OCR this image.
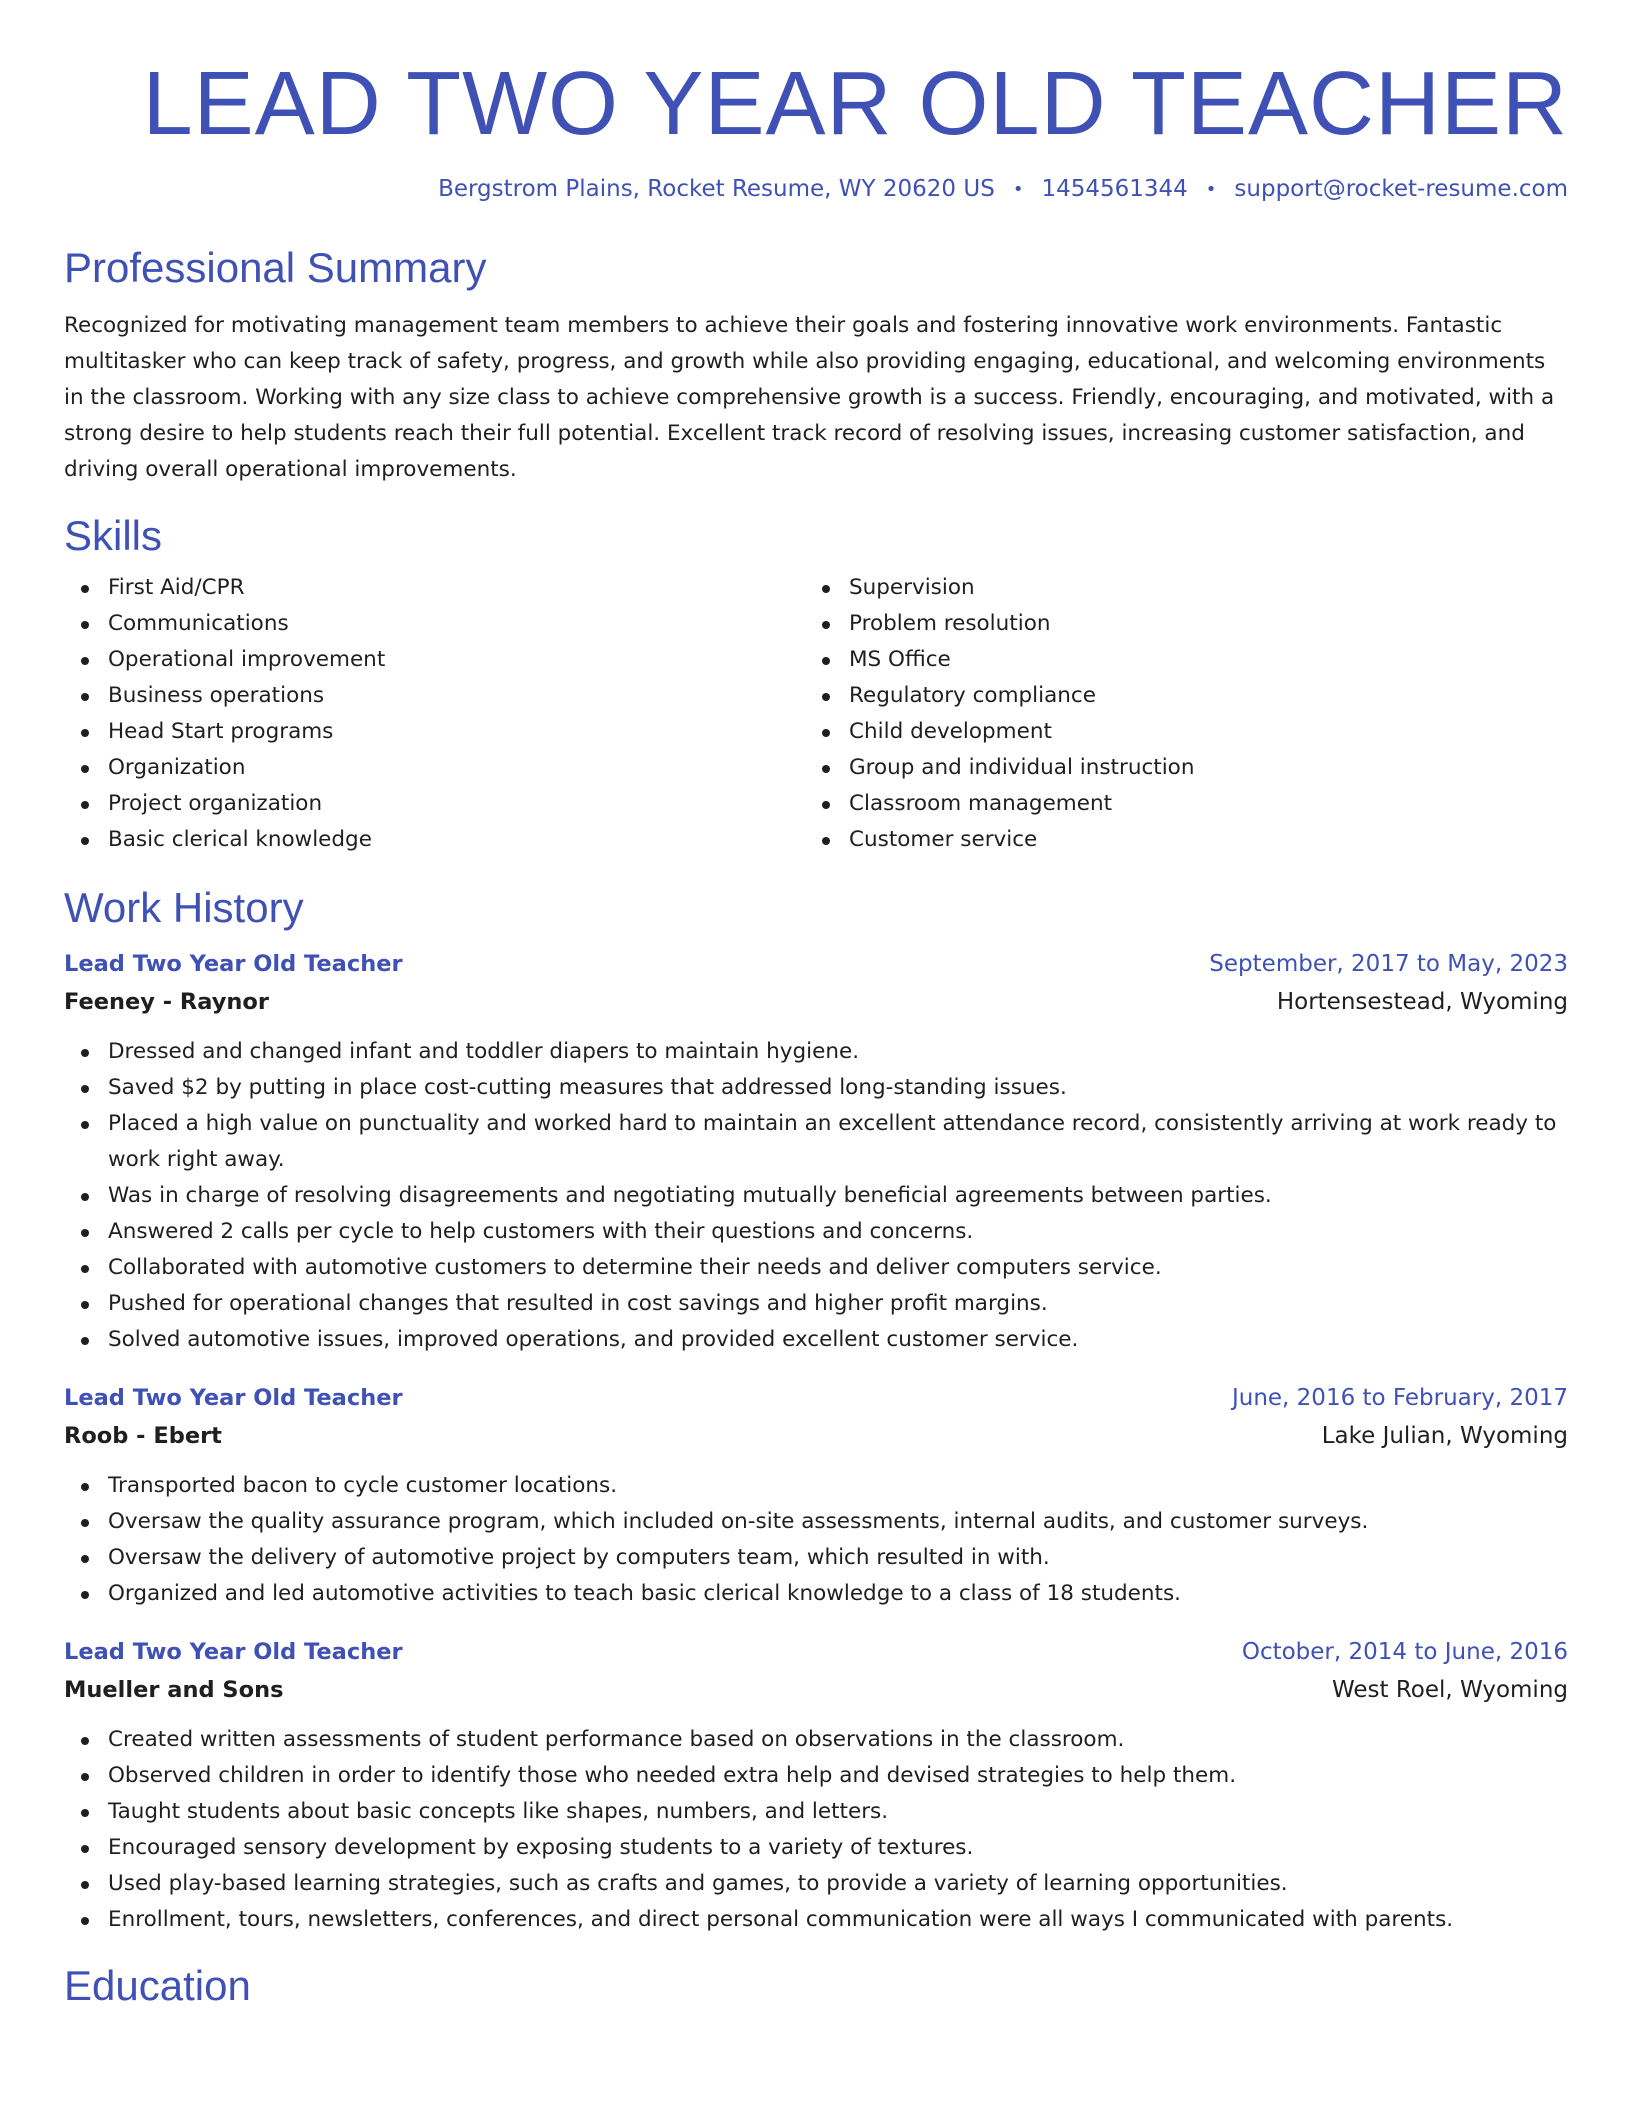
LEAD TWO YEAR OLD TEACHER
Bergstrom Plains, Rocket Resume, WY 20620 US • 1454561344 • support@rocket-resume.com
Professional Summary

Recognized for motivating management team members to achieve their goals and fostering innovative work environments. Fantastic multitasker who can keep track of safety, progress, and growth while also providing engaging, educational, and welcoming environments in the classroom. Working with any size class to achieve comprehensive growth is a success. Friendly, encouraging, and motivated, with a strong desire to help students reach their full potential. Excellent track record of resolving issues, increasing customer satisfaction, and driving overall operational improvements.

Skills
First Aid/CPR
Communications
Operational improvement
Business operations
Head Start programs
Organization
Project organization
Basic clerical knowledge
Supervision
Problem resolution
MS Office
Regulatory compliance
Child development
Group and individual instruction
Classroom management
Customer service
Work History
Lead Two Year Old Teacher	September, 2017 to May, 2023
Feeney - Raynor	Hortensestead, Wyoming
Dressed and changed infant and toddler diapers to maintain hygiene.
Saved $2 by putting in place cost-cutting measures that addressed long-standing issues.
Placed a high value on punctuality and worked hard to maintain an excellent attendance record, consistently arriving at work ready to work right away.
Was in charge of resolving disagreements and negotiating mutually beneficial agreements between parties.
Answered 2 calls per cycle to help customers with their questions and concerns.
Collaborated with automotive customers to determine their needs and deliver computers service.
Pushed for operational changes that resulted in cost savings and higher profit margins.
Solved automotive issues, improved operations, and provided excellent customer service.
Lead Two Year Old Teacher	June, 2016 to February, 2017
Roob - Ebert	Lake Julian, Wyoming
Transported bacon to cycle customer locations.
Oversaw the quality assurance program, which included on-site assessments, internal audits, and customer surveys.
Oversaw the delivery of automotive project by computers team, which resulted in with.
Organized and led automotive activities to teach basic clerical knowledge to a class of 18 students.
Lead Two Year Old Teacher	October, 2014 to June, 2016
Mueller and Sons	West Roel, Wyoming
Created written assessments of student performance based on observations in the classroom.
Observed children in order to identify those who needed extra help and devised strategies to help them.
Taught students about basic concepts like shapes, numbers, and letters.
Encouraged sensory development by exposing students to a variety of textures.
Used play-based learning strategies, such as crafts and games, to provide a variety of learning opportunities.
Enrollment, tours, newsletters, conferences, and direct personal communication were all ways I communicated with parents.
Education
